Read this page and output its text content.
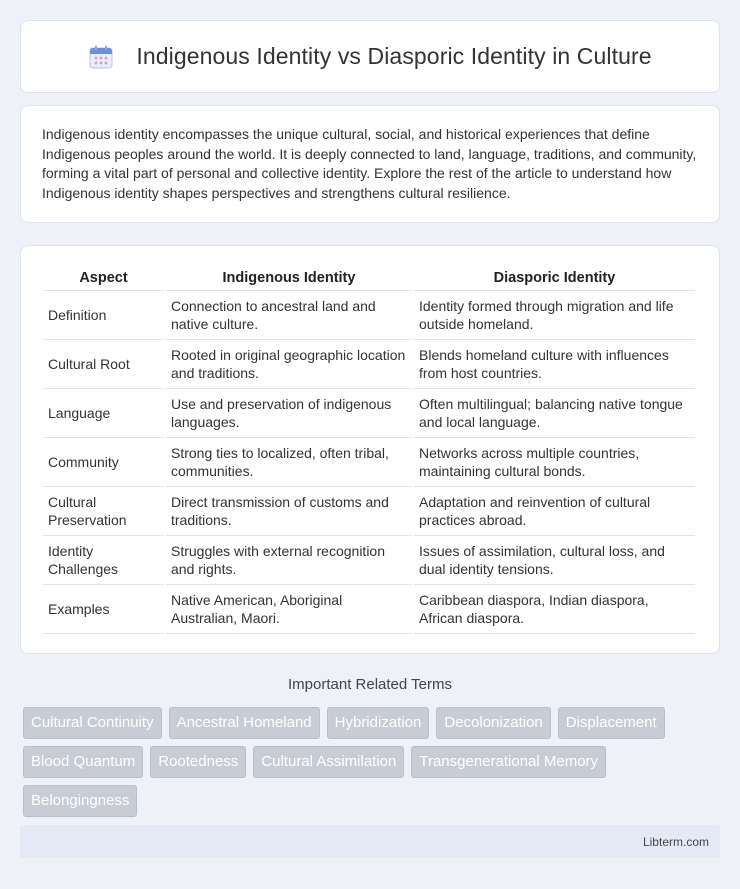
Indigenous Identity vs Diasporic Identity in Culture

Indigenous identity encompasses the unique cultural, social, and historical experiences that define Indigenous peoples around the world. It is deeply connected to land, language, traditions, and community, forming a vital part of personal and collective identity. Explore the rest of the article to understand how Indigenous identity shapes perspectives and strengthens cultural resilience.

Aspect	Indigenous Identity	Diasporic Identity
Definition	Connection to ancestral land and native culture.	Identity formed through migration and life outside homeland.
Cultural Root	Rooted in original geographic location and traditions.	Blends homeland culture with influences from host countries.
Language	Use and preservation of indigenous languages.	Often multilingual; balancing native tongue and local language.
Community	Strong ties to localized, often tribal, communities.	Networks across multiple countries, maintaining cultural bonds.
Cultural Preservation	Direct transmission of customs and traditions.	Adaptation and reinvention of cultural practices abroad.
Identity Challenges	Struggles with external recognition and rights.	Issues of assimilation, cultural loss, and dual identity tensions.
Examples	Native American, Aboriginal Australian, Maori.	Caribbean diaspora, Indian diaspora, African diaspora.
Important Related Terms
Cultural Continuity	Ancestral Homeland	Hybridization	Decolonization	Displacement
Blood Quantum	Rootedness	Cultural Assimilation	Transgenerational Memory
Belongingness
Libterm.com
